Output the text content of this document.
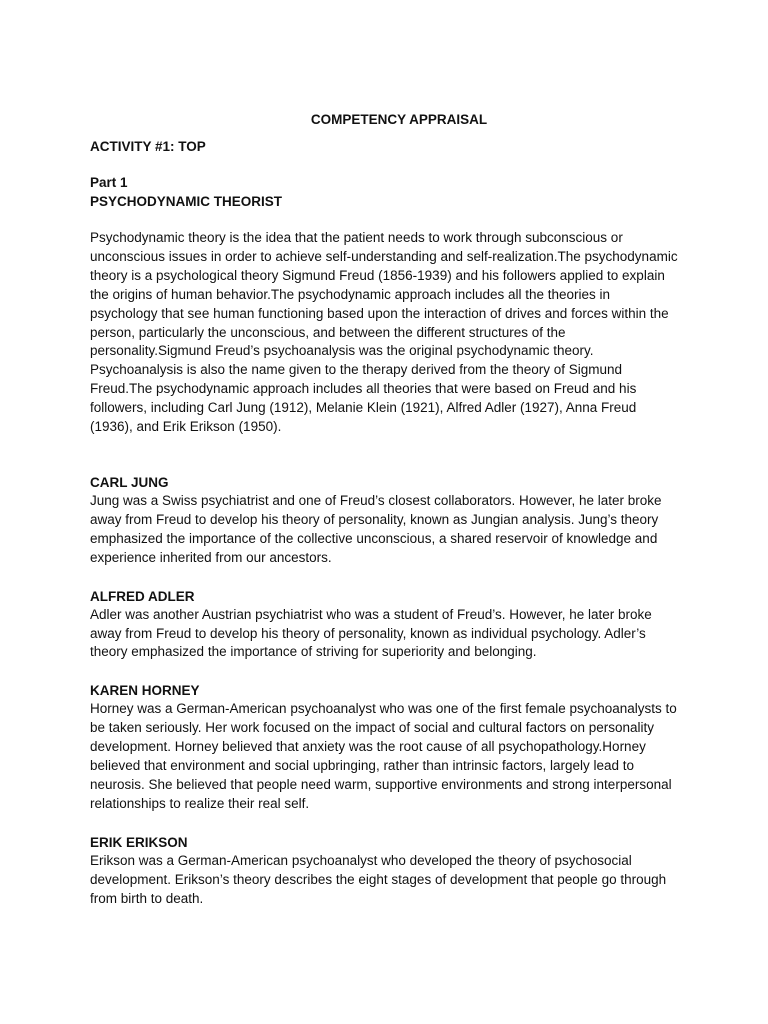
COMPETENCY APPRAISAL
ACTIVITY #1: TOP
Part 1
PSYCHODYNAMIC THEORIST

Psychodynamic theory is the idea that the patient needs to work through subconscious or unconscious issues in order to achieve self-understanding and self-realization.The psychodynamic theory is a psychological theory Sigmund Freud (1856-1939) and his followers applied to explain the origins of human behavior.The psychodynamic approach includes all the theories in psychology that see human functioning based upon the interaction of drives and forces within the person, particularly the unconscious, and between the different structures of the personality.Sigmund Freud’s psychoanalysis was the original psychodynamic theory. Psychoanalysis is also the name given to the therapy derived from the theory of Sigmund Freud.The psychodynamic approach includes all theories that were based on Freud and his followers, including Carl Jung (1912), Melanie Klein (1921), Alfred Adler (1927), Anna Freud (1936), and Erik Erikson (1950).

CARL JUNG

Jung was a Swiss psychiatrist and one of Freud’s closest collaborators. However, he later broke away from Freud to develop his theory of personality, known as Jungian analysis. Jung’s theory emphasized the importance of the collective unconscious, a shared reservoir of knowledge and experience inherited from our ancestors.

ALFRED ADLER

Adler was another Austrian psychiatrist who was a student of Freud’s. However, he later broke away from Freud to develop his theory of personality, known as individual psychology. Adler’s theory emphasized the importance of striving for superiority and belonging.

KAREN HORNEY

Horney was a German-American psychoanalyst who was one of the first female psychoanalysts to be taken seriously. Her work focused on the impact of social and cultural factors on personality development. Horney believed that anxiety was the root cause of all psychopathology.Horney believed that environment and social upbringing, rather than intrinsic factors, largely lead to neurosis. She believed that people need warm, supportive environments and strong interpersonal relationships to realize their real self.

ERIK ERIKSON

Erikson was a German-American psychoanalyst who developed the theory of psychosocial development. Erikson’s theory describes the eight stages of development that people go through from birth to death.
